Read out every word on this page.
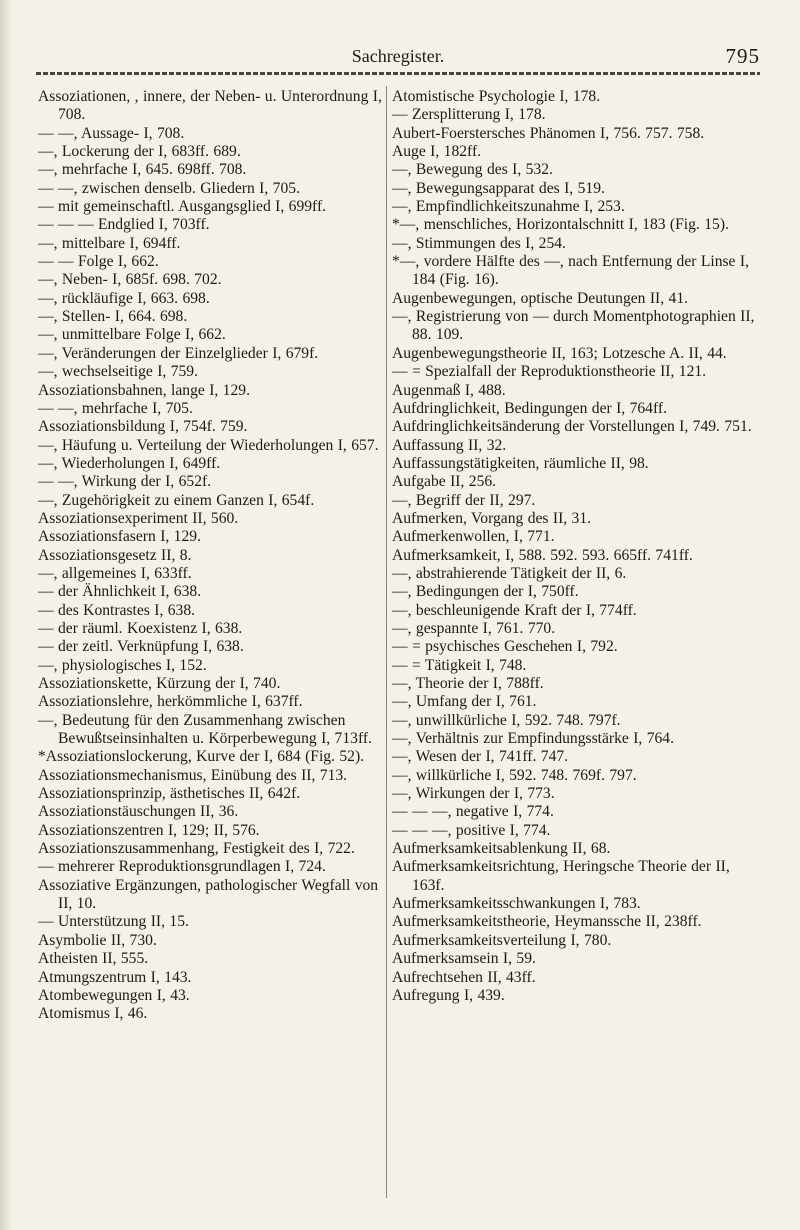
Sachregister.	795

Assoziationen, , innere, der Neben- u. Unterordnung I, 708.

— —, Aussage- I, 708.

—, Lockerung der I, 683ff. 689.

—, mehrfache I, 645. 698ff. 708.

— —, zwischen denselb. Gliedern I, 705.

— mit gemeinschaftl. Ausgangsglied I, 699ff.

— — — Endglied I, 703ff.

—, mittelbare I, 694ff.

— — Folge I, 662.

—, Neben- I, 685f. 698. 702.

—, rückläufige I, 663. 698.

—, Stellen- I, 664. 698.

—, unmittelbare Folge I, 662.

—, Veränderungen der Einzelglieder I, 679f.

—, wechselseitige I, 759.

Assoziationsbahnen, lange I, 129.

— —, mehrfache I, 705.

Assoziationsbildung I, 754f. 759.

—, Häufung u. Verteilung der Wiederholungen I, 657.

—, Wiederholungen I, 649ff.

— —, Wirkung der I, 652f.

—, Zugehörigkeit zu einem Ganzen I, 654f.

Assoziationsexperiment II, 560.

Assoziationsfasern I, 129.

Assoziationsgesetz II, 8.

—, allgemeines I, 633ff.

— der Ähnlichkeit I, 638.

— des Kontrastes I, 638.

— der räuml. Koexistenz I, 638.

— der zeitl. Verknüpfung I, 638.

—, physiologisches I, 152.

Assoziationskette, Kürzung der I, 740.

Assoziationslehre, herkömmliche I, 637ff.

—, Bedeutung für den Zusammenhang zwischen Bewußtseinsinhalten u. Körperbewegung I, 713ff.

*Assoziationslockerung, Kurve der I, 684 (Fig. 52).

Assoziationsmechanismus, Einübung des II, 713.

Assoziationsprinzip, ästhetisches II, 642f.

Assoziationstäuschungen II, 36.

Assoziationszentren I, 129; II, 576.

Assoziationszusammenhang, Festigkeit des I, 722.

— mehrerer Reproduktionsgrundlagen I, 724.

Assoziative Ergänzungen, pathologischer Wegfall von II, 10.

— Unterstützung II, 15.

Asymbolie II, 730.

Atheisten II, 555.

Atmungszentrum I, 143.

Atombewegungen I, 43.

Atomismus I, 46.

Atomistische Psychologie I, 178.

— Zersplitterung I, 178.

Aubert-Foerstersches Phänomen I, 756. 757. 758.

Auge I, 182ff.

—, Bewegung des I, 532.

—, Bewegungsapparat des I, 519.

—, Empfindlichkeitszunahme I, 253.

*—, menschliches, Horizontalschnitt I, 183 (Fig. 15).

—, Stimmungen des I, 254.

*—, vordere Hälfte des —, nach Entfernung der Linse I, 184 (Fig. 16).

Augenbewegungen, optische Deutungen II, 41.

—, Registrierung von — durch Momentphotographien II, 88. 109.

Augenbewegungstheorie II, 163; Lotzesche A. II, 44.

— = Spezialfall der Reproduktionstheorie II, 121.

Augenmaß I, 488.

Aufdringlichkeit, Bedingungen der I, 764ff.

Aufdringlichkeitsänderung der Vorstellungen I, 749. 751.

Auffassung II, 32.

Auffassungstätigkeiten, räumliche II, 98.

Aufgabe II, 256.

—, Begriff der II, 297.

Aufmerken, Vorgang des II, 31.

Aufmerkenwollen, I, 771.

Aufmerksamkeit, I, 588. 592. 593. 665ff. 741ff.

—, abstrahierende Tätigkeit der II, 6.

—, Bedingungen der I, 750ff.

—, beschleunigende Kraft der I, 774ff.

—, gespannte I, 761. 770.

— = psychisches Geschehen I, 792.

— = Tätigkeit I, 748.

—, Theorie der I, 788ff.

—, Umfang der I, 761.

—, unwillkürliche I, 592. 748. 797f.

—, Verhältnis zur Empfindungsstärke I, 764.

—, Wesen der I, 741ff. 747.

—, willkürliche I, 592. 748. 769f. 797.

—, Wirkungen der I, 773.

— — —, negative I, 774.

— — —, positive I, 774.

Aufmerksamkeitsablenkung II, 68.

Aufmerksamkeitsrichtung, Heringsche Theorie der II, 163f.

Aufmerksamkeitsschwankungen I, 783.

Aufmerksamkeitstheorie, Heymanssche II, 238ff.

Aufmerksamkeitsverteilung I, 780.

Aufmerksamsein I, 59.

Aufrechtsehen II, 43ff.

Aufregung I, 439.
